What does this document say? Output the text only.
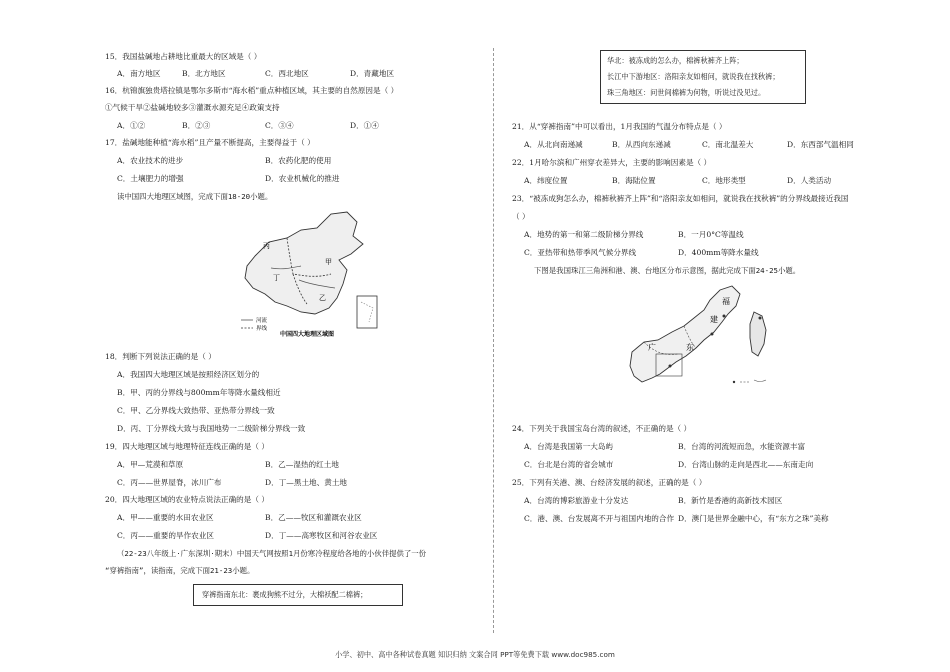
15．我国盐碱地占耕地比重最大的区域是（ ）
A．南方地区	B．北方地区	C．西北地区	D．青藏地区
16．杭锦旗独贵塔拉镇是鄂尔多斯市“海水稻”重点种植区域，其主要的自然原因是（ ）
①气候干旱②盐碱地较多③灌溉水源充足④政策支持
A．①②	B．②③	C．③④	D．①④
17．盐碱地能种植“海水稻”且产量不断提高，主要得益于（ ）
A．农业技术的进步	B．农药化肥的使用
C．土壤肥力的增强	D．农业机械化的推进
读中国四大地理区域图，完成下面18-20小题。
丙
甲
丁
乙
河流
界线
中国四大地理区域图
18．判断下列说法正确的是（ ）
A．我国四大地理区域是按照经济区划分的
B．甲、丙的分界线与800mm年等降水量线相近
C．甲、乙分界线大致热带、亚热带分界线一致
D．丙、丁分界线大致与我国地势一二级阶梯分界线一致
19．四大地理区域与地理特征连线正确的是（ ）
A．甲—荒漠和草原	B．乙—湿热的红土地
C．丙——世界屋脊，冰川广布	D．丁—黑土地、黄土地
20．四大地理区域的农业特点说法正确的是（ ）
A．甲——重要的水田农业区	B．乙——牧区和灌溉农业区
C．丙——重要的旱作农业区	D．丁——高寒牧区和河谷农业区
（22-23八年级上·广东深圳·期末）中国天气网按照1月份寒冷程度给各地的小伙伴提供了一份
“穿裤指南”，读指南，完成下面21-23小题。
穿裤指南东北：裹成狗熊不过分，大棉袄配二棉裤；
华北：被冻成的怎么办，棉裤秋裤齐上阵；
长江中下游地区：洛阳亲友如相问，就说我在找秋裤；
珠三角地区：问世间棉裤为何物，听说过没见过。
21．从“穿裤指南”中可以看出，1月我国的气温分布特点是（ ）
A．从北向南递减	B．从西向东递减	C．南北温差大	D．东西部气温相同
22．1月哈尔滨和广州穿衣差异大，主要的影响因素是（ ）
A．纬度位置	B．海陆位置	C．地形类型	D．人类活动
23．“被冻成狗怎么办，棉裤秋裤齐上阵”和“洛阳亲友如相问，就说我在找秋裤”的分界线最接近我国
（ ）
A．地势的第一和第二级阶梯分界线	B．一月0°C等温线
C．亚热带和热带季风气候分界线	D．400mm等降水量线
下图是我国珠江三角洲和港、澳、台地区分布示意图，据此完成下面24-25小题。
福
建
广	东
24．下列关于我国宝岛台湾的叙述，不正确的是（ ）
A．台湾是我国第一大岛屿	B．台湾的河流短而急，水能资源丰富
C．台北是台湾的省会城市	D．台湾山脉的走向是西北——东南走向
25．下列有关港、澳、台经济发展的叙述，正确的是（ ）
A．台湾的博彩旅游业十分发达	B．新竹是香港的高新技术园区
C．港、澳、台发展离不开与祖国内地的合作 D．澳门是世界金融中心，有“东方之珠”美称
小学、初中、高中各种试卷真题 知识归纳 文案合同 PPT等免费下载 www.doc985.com
